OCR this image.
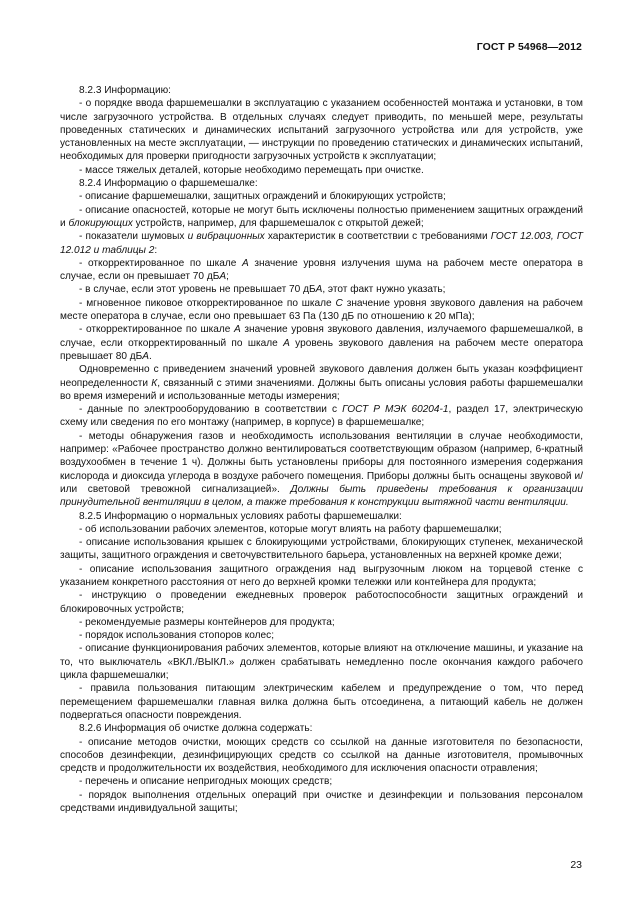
ГОСТ Р 54968—2012

8.2.3 Информацию:

- о порядке ввода фаршемешалки в эксплуатацию с указанием особенностей монтажа и установки, в том числе загрузочного устройства. В отдельных случаях следует приводить, по меньшей мере, результаты проведенных статических и динамических испытаний загрузочного устройства или для устройств, уже установленных на месте эксплуатации, — инструкции по проведению статических и динамических испытаний, необходимых для проверки пригодности загрузочных устройств к эксплуатации;

- массе тяжелых деталей, которые необходимо перемещать при очистке.

8.2.4 Информацию о фаршемешалке:

- описание фаршемешалки, защитных ограждений и блокирующих устройств;

- описание опасностей, которые не могут быть исключены полностью применением защитных ограждений и блокирующих устройств, например, для фаршемешалок с открытой дежей;

- показатели шумовых и вибрационных характеристик в соответствии с требованиями ГОСТ 12.003, ГОСТ 12.012 и таблицы 2:

- откорректированное по шкале А значение уровня излучения шума на рабочем месте оператора в случае, если он превышает 70 дБА;

- в случае, если этот уровень не превышает 70 дБА, этот факт нужно указать;

- мгновенное пиковое откорректированное по шкале С значение уровня звукового давления на рабочем месте оператора в случае, если оно превышает 63 Па (130 дБ по отношению к 20 мПа);

- откорректированное по шкале А значение уровня звукового давления, излучаемого фаршемешалкой, в случае, если откорректированный по шкале А уровень звукового давления на рабочем месте оператора превышает 80 дБА.

Одновременно с приведением значений уровней звукового давления должен быть указан коэффициент неопределенности К, связанный с этими значениями. Должны быть описаны условия работы фаршемешалки во время измерений и использованные методы измерения;

- данные по электрооборудованию в соответствии с ГОСТ Р МЭК 60204-1, раздел 17, электрическую схему или сведения по его монтажу (например, в корпусе) в фаршемешалке;

- методы обнаружения газов и необходимость использования вентиляции в случае необходимости, например: «Рабочее пространство должно вентилироваться соответствующим образом (например, 6-кратный воздухообмен в течение 1 ч). Должны быть установлены приборы для постоянного измерения содержания кислорода и диоксида углерода в воздухе рабочего помещения. Приборы должны быть оснащены звуковой и/или световой тревожной сигнализацией». Должны быть приведены требования к организации принудительной вентиляции в целом, а также требования к конструкции вытяжной части вентиляции.

8.2.5 Информацию о нормальных условиях работы фаршемешалки:

- об использовании рабочих элементов, которые могут влиять на работу фаршемешалки;

- описание использования крышек с блокирующими устройствами, блокирующих ступенек, механической защиты, защитного ограждения и светочувствительного барьера, установленных на верхней кромке дежи;

- описание использования защитного ограждения над выгрузочным люком на торцевой стенке с указанием конкретного расстояния от него до верхней кромки тележки или контейнера для продукта;

- инструкцию о проведении ежедневных проверок работоспособности защитных ограждений и блокировочных устройств;

- рекомендуемые размеры контейнеров для продукта;

- порядок использования стопоров колес;

- описание функционирования рабочих элементов, которые влияют на отключение машины, и указание на то, что выключатель «ВКЛ./ВЫКЛ.» должен срабатывать немедленно после окончания каждого рабочего цикла фаршемешалки;

- правила пользования питающим электрическим кабелем и предупреждение о том, что перед перемещением фаршемешалки главная вилка должна быть отсоединена, а питающий кабель не должен подвергаться опасности повреждения.

8.2.6 Информация об очистке должна содержать:

- описание методов очистки, моющих средств со ссылкой на данные изготовителя по безопасности, способов дезинфекции, дезинфицирующих средств со ссылкой на данные изготовителя, промывочных средств и продолжительности их воздействия, необходимого для исключения опасности отравления;

- перечень и описание непригодных моющих средств;

- порядок выполнения отдельных операций при очистке и дезинфекции и пользования персоналом средствами индивидуальной защиты;

23
